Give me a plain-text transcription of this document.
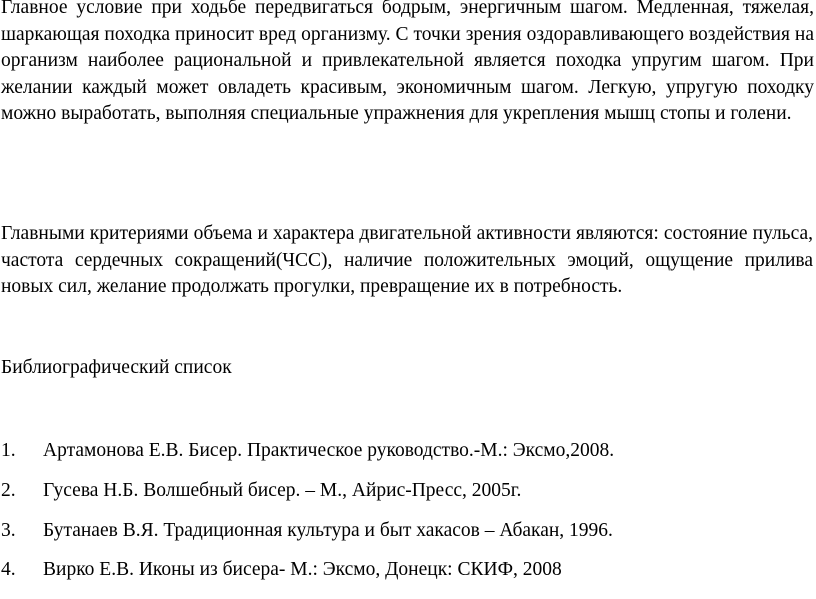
Главное условие при ходьбе передвигаться бодрым, энергичным шагом. Медленная, тяжелая, шаркающая походка приносит вред организму. С точки зрения оздоравливающего воздействия на организм наиболее рациональной и привлекательной является походка упругим шагом. При желании каждый может овладеть красивым, экономичным шагом. Легкую, упругую походку можно выработать, выполняя специальные упражнения для укрепления мышц стопы и голени.

Главными критериями объема и характера двигательной активности являются: состояние пульса, частота сердечных сокращений(ЧСС), наличие положительных эмоций, ощущение прилива новых сил, желание продолжать прогулки, превращение их в потребность.

Библиографический список

1. Артамонова Е.В. Бисер. Практическое руководство.-М.: Эксмо,2008.
2. Гусева Н.Б. Волшебный бисер. – М., Айрис-Пресс, 2005г.
3. Бутанаев В.Я. Традиционная культура и быт хакасов – Абакан, 1996.
4. Вирко Е.В. Иконы из бисера- М.: Эксмо, Донецк: СКИФ, 2008
